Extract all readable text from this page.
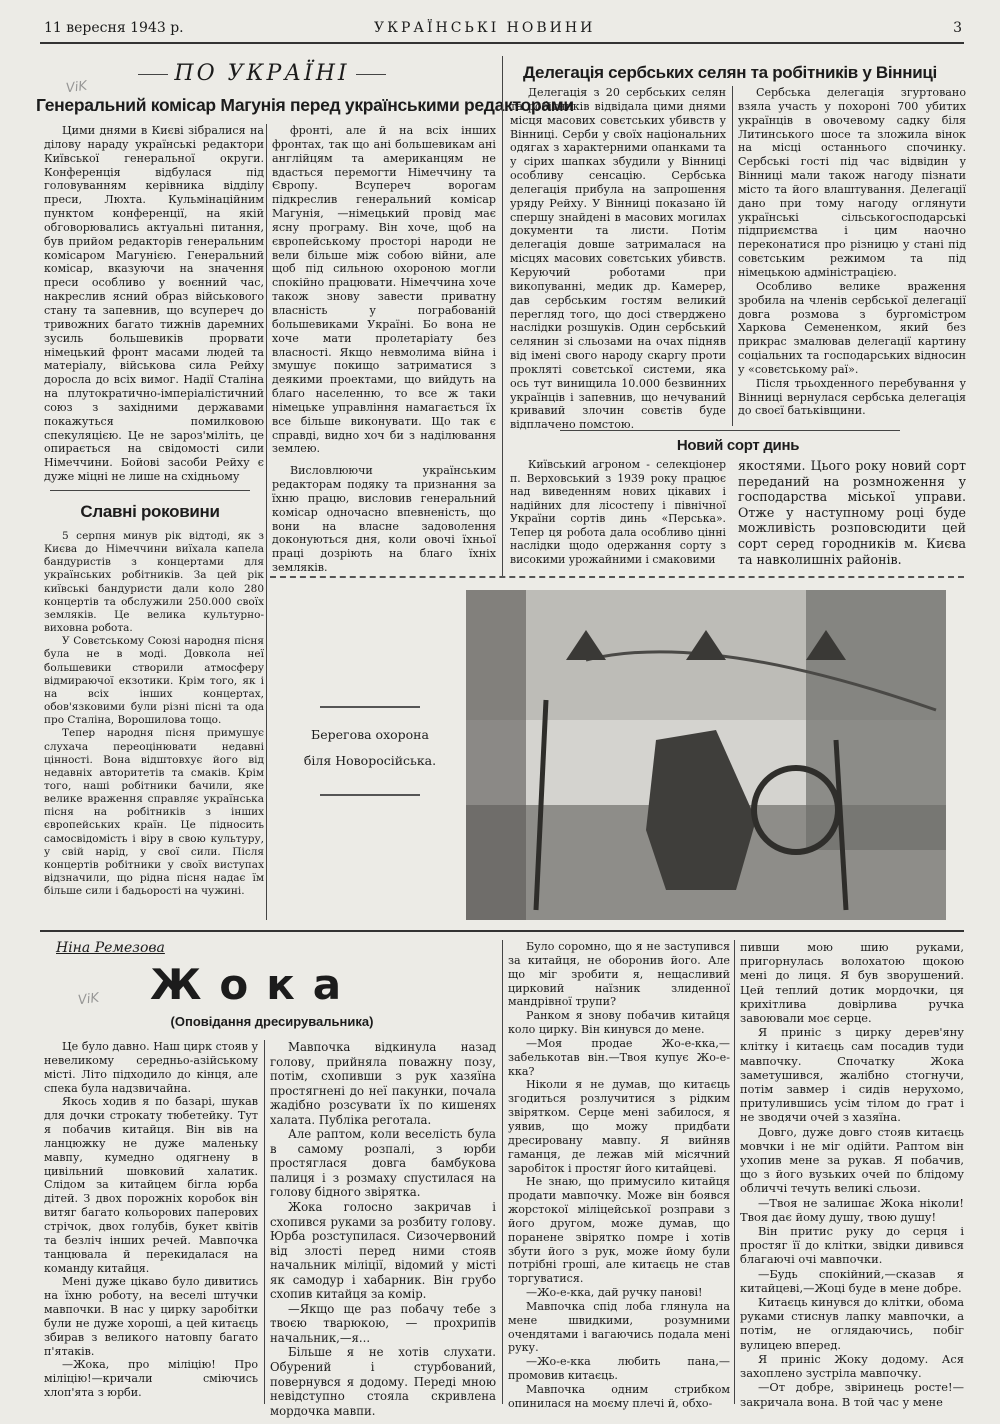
11 вересня 1943 р.	УКРАЇНСЬКІ НОВИНИ	3
ПО УКРАЇНІ
ViK
Генеральний комісар Магунія перед українськими редакторами

Цими днями в Києві зібралися на ділову нараду українські редактори Київської генеральної округи. Конференція відбулася під головуванням керівника відділу преси, Люхта. Кульмінаційним пунктом конференції, на якій обговорювались актуальні питання, був прийом редакторів генеральним комісаром Магунією. Генеральний комісар, вказуючи на значення преси особливо у воєнний час, накреслив ясний образ військового стану та запевнив, що всупереч до тривожних багато тижнів даремних зусиль большевиків прорвати німецький фронт масами людей та матеріалу, військова сила Рейху доросла до всіх вимог. Надії Сталіна на плутократично-імперіалістичний союз з західними державами покажуться помилковою спекуляцією. Це не зароз'міліть, це опирається на свідомості сили Німеччини. Бойові засоби Рейху є дуже міцні не лише на східньому

фронті, але й на всіх інших фронтах, так що ані большевикам ані англійцям та американцям не вдасться перемогти Німеччину та Європу. Всупереч ворогам підкреслив генеральний комісар Магунія, —німецький провід має ясну програму. Він хоче, щоб на європейському просторі народи не вели більше між собою війни, але щоб під сильною охороною могли спокійно працювати. Німеччина хоче також знову завести приватну власність у пограбованій большевиками Україні. Бо вона не хоче мати пролетаріату без власності. Якщо невмолима війна і змушує покищо затриматися з деякими проектами, що вийдуть на благо населенню, то все ж таки німецьке управління намагається їх все більше виконувати. Що так є справді, видно хоч би з наділювання землею.

Висловлюючи українським редакторам подяку та признання за їхню працю, висловив генеральний комісар одночасно впевненість, що вони на власне задоволення доконуються дня, коли овочі їхньої праці дозріють на благо їхніх земляків.

Славні роковини

5 серпня минув рік відтоді, як з Києва до Німеччини виїхала капела бандуристів з концертами для українських робітників. За цей рік київські бандуристи дали коло 280 концертів та обслужили 250.000 своїх земляків. Це велика культурно-виховна робота.

У Совєтському Союзі народня пісня була не в моді. Довкола неї большевики створили атмосферу відмираючої екзотики. Крім того, як і на всіх інших концертах, обов'язковими були різні пісні та ода про Сталіна, Ворошилова тощо.

Тепер народня пісня примушує слухача переоцінювати недавні цінності. Вона відштовхує його від недавніх авторитетів та смаків. Крім того, наші робітники бачили, яке велике враження справляє українська пісня на робітників з інших європейських країн. Це підносить самосвідомість і віру в свою культуру, у свій нарід, у свої сили. Після концертів робітники у своїх виступах відзначили, що рідна пісня надає їм більше сили і бадьорості на чужині.

Делегація сербських селян та робітників у Вінниці

Делегація з 20 сербських селян та робітників відвідала цими днями місця масових совєтських убивств у Вінниці. Серби у своїх національних одягах з характерними опанками та у сірих шапках збудили у Вінниці особливу сенсацію. Сербська делегація прибула на запрошення уряду Рейху. У Вінниці показано їй спершу знайдені в масових могилах документи та листи. Потім делегація довше затрималася на місцях масових совєтських убивств. Керуючий роботами при викопуванні, медик др. Камерер, дав сербським гостям великий перегляд того, що досі стверджено наслідки розшуків. Один сербський селянин зі сльозами на очах підняв від імені свого народу скаргу проти прокляті совєтської системи, яка ось тут винищила 10.000 безвинних українців і запевнив, що нечуваний кривавий злочин совєтів буде відплачено помстою.

Сербська делегація згуртовано взяла участь у похороні 700 убитих українців в овочевому садку біля Литинського шосе та зложила вінок на місці останнього спочинку. Сербські гості під час відвідин у Вінниці мали також нагоду пізнати місто та його влаштування. Делегації дано при тому нагоду оглянути українські сільськогосподарські підприємства і цим наочно переконатися про різницю у стані під совєтським режимом та під німецькою адміністрацією.

Особливо велике враження зробила на членів сербської делегації довга розмова з бургомістром Харкова Семененком, який без прикрас змалював делегації картину соціальних та господарських відносин у «совєтському раї».

Після трьохденного перебування у Вінниці вернулася сербська делегація до своєї батьківщини.

Новий сорт динь

Київський агроном - селекціонер п. Верховський з 1939 року працює над виведенням нових цікавих і надійних для лісостепу і північної України сортів динь «Перська». Тепер ця робота дала особливо цінні наслідки щодо одержання сорту з високими урожайними і смаковими

якостями. Цього року новий сорт переданий на розмноження у господарства міської управи. Отже у наступному році буде можливість розповсюдити цей сорт серед городників м. Києва та навколишніх районів.

Берегова охорона
біля Новоросійська.
Ніна Ремезова
Жока
ViK
(Оповідання дресирувальника)

Це було давно. Наш цирк стояв у невеликому середньо-азійському місті. Літо підходило до кінця, але спека була надзвичайна.

Якось ходив я по базарі, шукав для дочки строкату тюбетейку. Тут я побачив китайця. Він вів на ланцюжку не дуже маленьку мавпу, кумедно одягнену в цивільний шовковий халатик. Слідом за китайцем бігла юрба дітей. З двох порожніх коробок він витяг багато кольорових паперових стрічок, двох голубів, букет квітів та безліч інших речей. Мавпочка танцювала й перекидалася на команду китайця.

Мені дуже цікаво було дивитись на їхню роботу, на веселі штучки мавпочки. В нас у цирку заробітки були не дуже хороші, а цей китаєць збирав з великого натовпу багато п'ятаків.

—Жока, про міліцію! Про міліцію!—кричали сміючись хлоп'ята з юрби.

Мавпочка відкинула назад голову, прийняла поважну позу, потім, схопивши з рук хазяїна простягнені до неї пакунки, почала жадібно розсувати їх по кишенях халата. Публіка реготала.

Але раптом, коли веселість була в самому розпалі, з юрби простяглася довга бамбукова палиця і з розмаху спустилася на голову бідного звірятка.

Жока голосно закричав і схопився руками за розбиту голову. Юрба розступилася. Сизочервоний від злості перед ними стояв начальник міліції, відомий у місті як самодур і хабарник. Він грубо схопив китайця за комір.

—Якщо ще раз побачу тебе з твоєю тварюкою, — прохрипів начальник,—я...

Більше я не хотів слухати. Обурений і стурбований, повернувся я додому. Переді мною невідступно стояла скривлена мордочка мавпи.

Було соромно, що я не заступився за китайця, не оборонив його. Але що міг зробити я, нещасливий цирковий наїзник злиденної мандрівної трупи?

Ранком я знову побачив китайця коло цирку. Він кинувся до мене.

—Моя продае Жо-е-кка,—забелькотав він.—Твоя купує Жо-е-кка?

Ніколи я не думав, що китаєць згодиться розлучитися з рідким звірятком. Серце мені забилося, я уявив, що можу придбати дресировану мавпу. Я вийняв гаманця, де лежав мій місячний заробіток і простяг його китайцеві.

Не знаю, що примусило китайця продати мавпочку. Може він боявся жорстокої міліцейської розправи з його другом, може думав, що поранене звірятко помре і хотів збути його з рук, може йому були потрібні гроші, але китаєць не став торгуватися.

—Жо-е-кка, дай ручку панові!

Мавпочка спід лоба глянула на мене швидкими, розумними очендятами і вагаючись подала мені руку.

—Жо-е-кка любить пана,—промовив китаєць.

Мавпочка одним стрибком опинилася на моєму плечі й, обхо-

пивши мою шию руками, пригорнулась волохатою щокою мені до лиця. Я був зворушений. Цей теплий дотик мордочки, ця крихітлива довірлива ручка завоювали моє серце.

Я приніс з цирку дерев'яну клітку і китаєць сам посадив туди мавпочку. Спочатку Жока заметушився, жалібно стогнучи, потім завмер і сидів нерухомо, притулившись усім тілом до грат і не зводячи очей з хазяїна.

Довго, дуже довго стояв китаєць мовчки і не міг одійти. Раптом він ухопив мене за рукав. Я побачив, що з його вузьких очей по блідому обличчі течуть великі сльози.

—Твоя не залишає Жока ніколи! Твоя дає йому душу, твою душу!

Він притис руку до серця і простяг її до клітки, звідки дивився благаючі очі мавпочки.

—Будь спокійний,—сказав я китайцеві,—Жоці буде в мене добре.

Китаєць кинувся до клітки, обома руками стиснув лапку мавпочки, а потім, не оглядаючись, побіг вулицею вперед.

Я приніс Жоку додому. Ася захоплено зустріла мавпочку.

—От добре, звіринець росте!—закричала вона. В той час у мене
